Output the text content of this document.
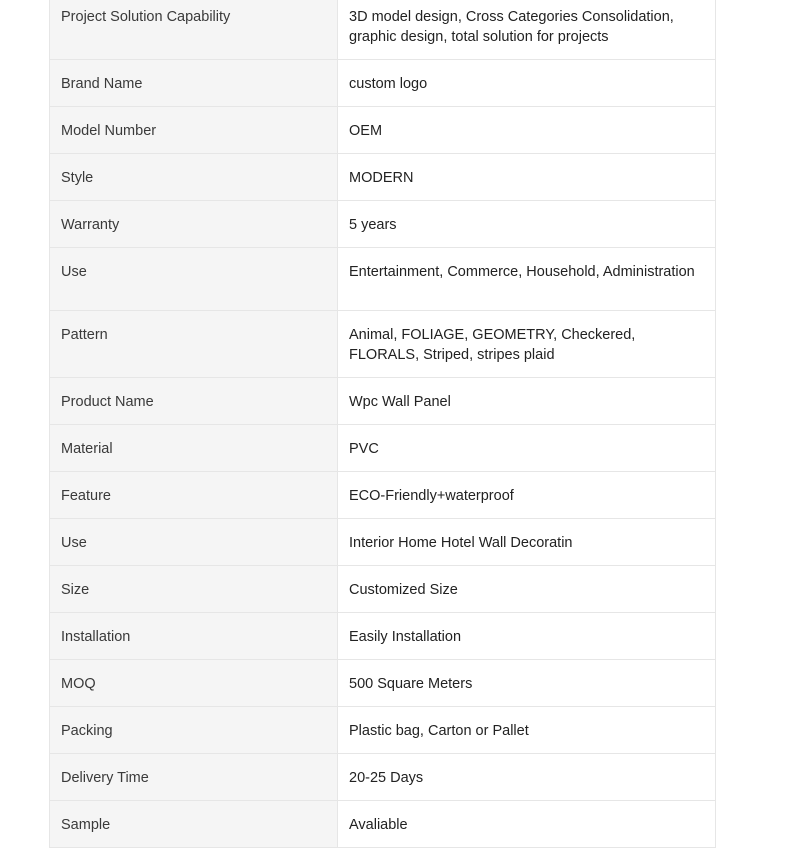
Project Solution Capability	3D model design, Cross Categories Consolidation, graphic design, total solution for projects
Brand Name	custom logo
Model Number	OEM
Style	MODERN
Warranty	5 years
Use	Entertainment, Commerce, Household, Administration
Pattern	Animal, FOLIAGE, GEOMETRY, Checkered, FLORALS, Striped, stripes plaid
Product Name	Wpc Wall Panel
Material	PVC
Feature	ECO-Friendly+waterproof
Use	Interior Home Hotel Wall Decoratin
Size	Customized Size
Installation	Easily Installation
MOQ	500 Square Meters
Packing	Plastic bag, Carton or Pallet
Delivery Time	20-25 Days
Sample	Avaliable
